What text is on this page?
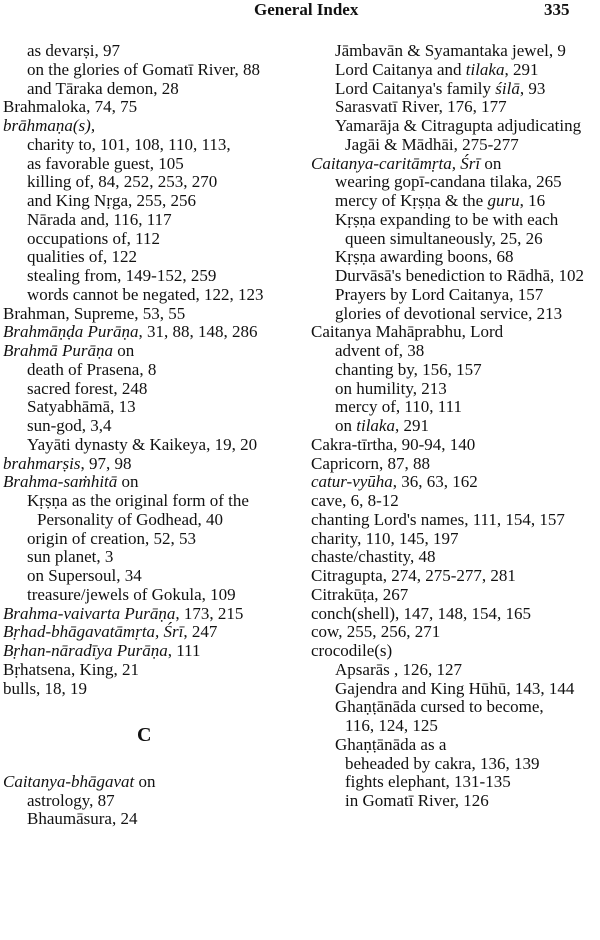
General Index	335
as devarṣi, 97
on the glories of Gomatī River, 88
and Tāraka demon, 28
Brahmaloka, 74, 75
brāhmaṇa(s),
charity to, 101, 108, 110, 113,
as favorable guest, 105
killing of, 84, 252, 253, 270
and King Nṛga, 255, 256
Nārada and, 116, 117
occupations of, 112
qualities of, 122
stealing from, 149-152, 259
words cannot be negated, 122, 123
Brahman, Supreme, 53, 55
Brahmāṇḍa Purāṇa, 31, 88, 148, 286
Brahmā Purāṇa on
death of Prasena, 8
sacred forest, 248
Satyabhāmā, 13
sun-god, 3,4
Yayāti dynasty & Kaikeya, 19, 20
brahmarṣis, 97, 98
Brahma-saṁhitā on
Kṛṣṇa as the original form of the
Personality of Godhead, 40
origin of creation, 52, 53
sun planet, 3
on Supersoul, 34
treasure/jewels of Gokula, 109
Brahma-vaivarta Purāṇa, 173, 215
Bṛhad-bhāgavatāmṛta, Śrī, 247
Bṛhan-nāradīya Purāṇa, 111
Bṛhatsena, King, 21
bulls, 18, 19
C
Caitanya-bhāgavat on
astrology, 87
Bhaumāsura, 24
Jāmbavān & Syamantaka jewel, 9
Lord Caitanya and tilaka, 291
Lord Caitanya's family śilā, 93
Sarasvatī River, 176, 177
Yamarāja & Citragupta adjudicating
Jagāi & Mādhāi, 275-277
Caitanya-caritāmṛta, Śrī on
wearing gopī-candana tilaka, 265
mercy of Kṛṣṇa & the guru, 16
Kṛṣṇa expanding to be with each
queen simultaneously, 25, 26
Kṛṣṇa awarding boons, 68
Durvāsā's benediction to Rādhā, 102
Prayers by Lord Caitanya, 157
glories of devotional service, 213
Caitanya Mahāprabhu, Lord
advent of, 38
chanting by, 156, 157
on humility, 213
mercy of, 110, 111
on tilaka, 291
Cakra-tīrtha, 90-94, 140
Capricorn, 87, 88
catur-vyūha, 36, 63, 162
cave, 6, 8-12
chanting Lord's names, 111, 154, 157
charity, 110, 145, 197
chaste/chastity, 48
Citragupta, 274, 275-277, 281
Citrakūṭa, 267
conch(shell), 147, 148, 154, 165
cow, 255, 256, 271
crocodile(s)
Apsarās , 126, 127
Gajendra and King Hūhū, 143, 144
Ghaṇṭānāda cursed to become,
116, 124, 125
Ghaṇṭānāda as a
beheaded by cakra, 136, 139
fights elephant, 131-135
in Gomatī River, 126
